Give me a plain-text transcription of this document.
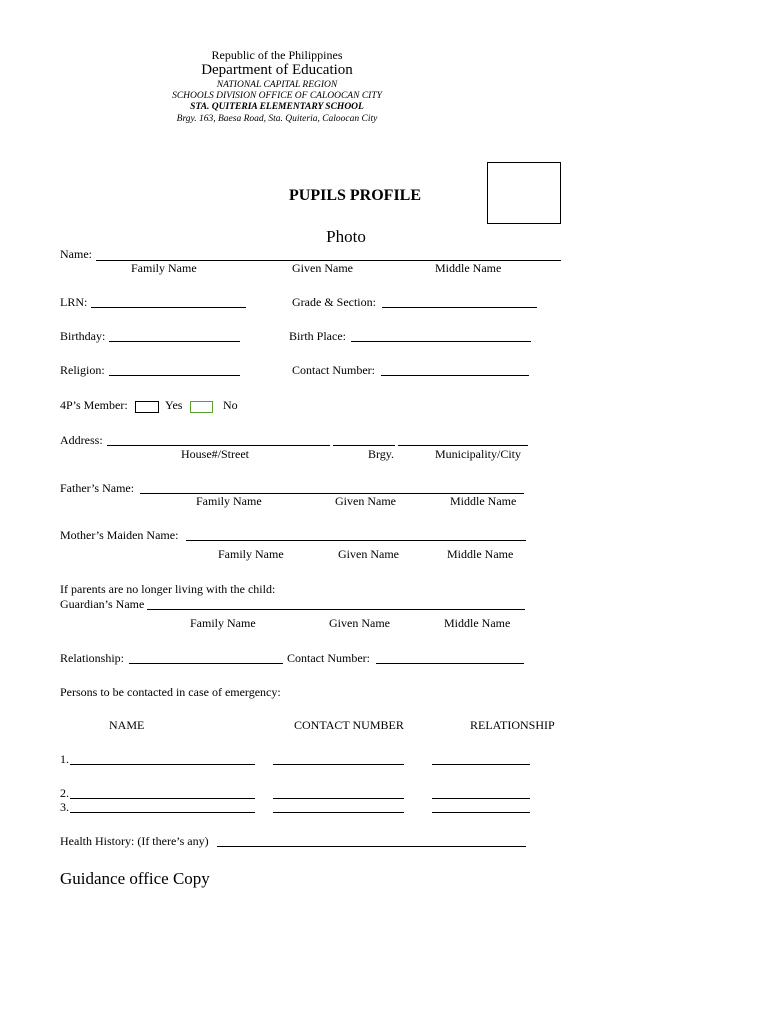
Republic of the Philippines
Department of Education
NATIONAL CAPITAL REGION
SCHOOLS DIVISION OFFICE OF CALOOCAN CITY
STA. QUITERIA ELEMENTARY SCHOOL
Brgy. 163, Baesa Road, Sta. Quiteria, Caloocan City
PUPILS PROFILE
Photo
Name:
Family Name	Given Name	Middle Name
LRN:	Grade & Section:
Birthday:	Birth Place:
Religion:	Contact Number:
4P’s Member:	Yes	No
Address:
House#/Street	Brgy.	Municipality/City
Father’s Name:
Family Name	Given Name	Middle Name
Mother’s Maiden Name:
Family Name	Given Name	Middle Name
If parents are no longer living with the child:
Guardian’s Name
Family Name	Given Name	Middle Name
Relationship:	Contact Number:
Persons to be contacted in case of emergency:
NAME	CONTACT NUMBER	RELATIONSHIP
1.
2.
3.
Health History: (If there’s any)
Guidance office Copy
